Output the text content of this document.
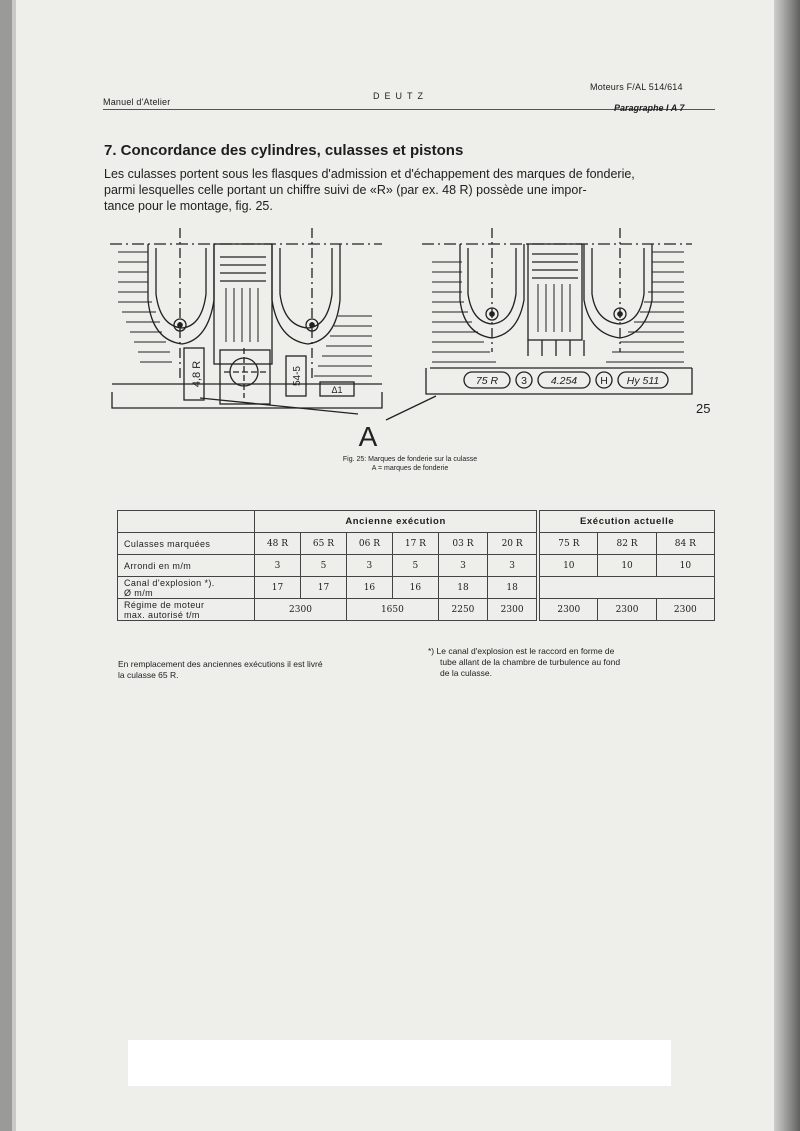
Manuel d'Atelier
DEUTZ
Moteurs F/AL 514/614
Paragraphe I A 7
7. Concordance des cylindres, culasses et pistons

Les culasses portent sous les flasques d'admission et d'échappement des marques de fonderie,

parmi lesquelles celle portant un chiffre suivi de «R» (par ex. 48 R) possède une impor-

tance pour le montage, fig. 25.

4,8 R	54-5
Δ1
75 R 3 4.254 H Hy 511
A
25
Fig. 25: Marques de fonderie sur la culasse
A = marques de fonderie
	Ancienne exécution							Exécution actuelle		
Culasses marquées	48 R	65 R	06 R	17 R	03 R	20 R		75 R	82 R	84 R
Arrondi en m/m	3	5	3	5	3	3		10	10	10

Canal d'explosion *).
Ø m/m	17	17	16	16	18	18				

Régime de moteur
max. autorisé t/m	2300		1650		2250	2300		2300	2300	2300
En remplacement des anciennes exécutions il est livré
la culasse 65 R.
*) Le canal d'explosion est le raccord en forme de
tube allant de la chambre de turbulence au fond
de la culasse.
